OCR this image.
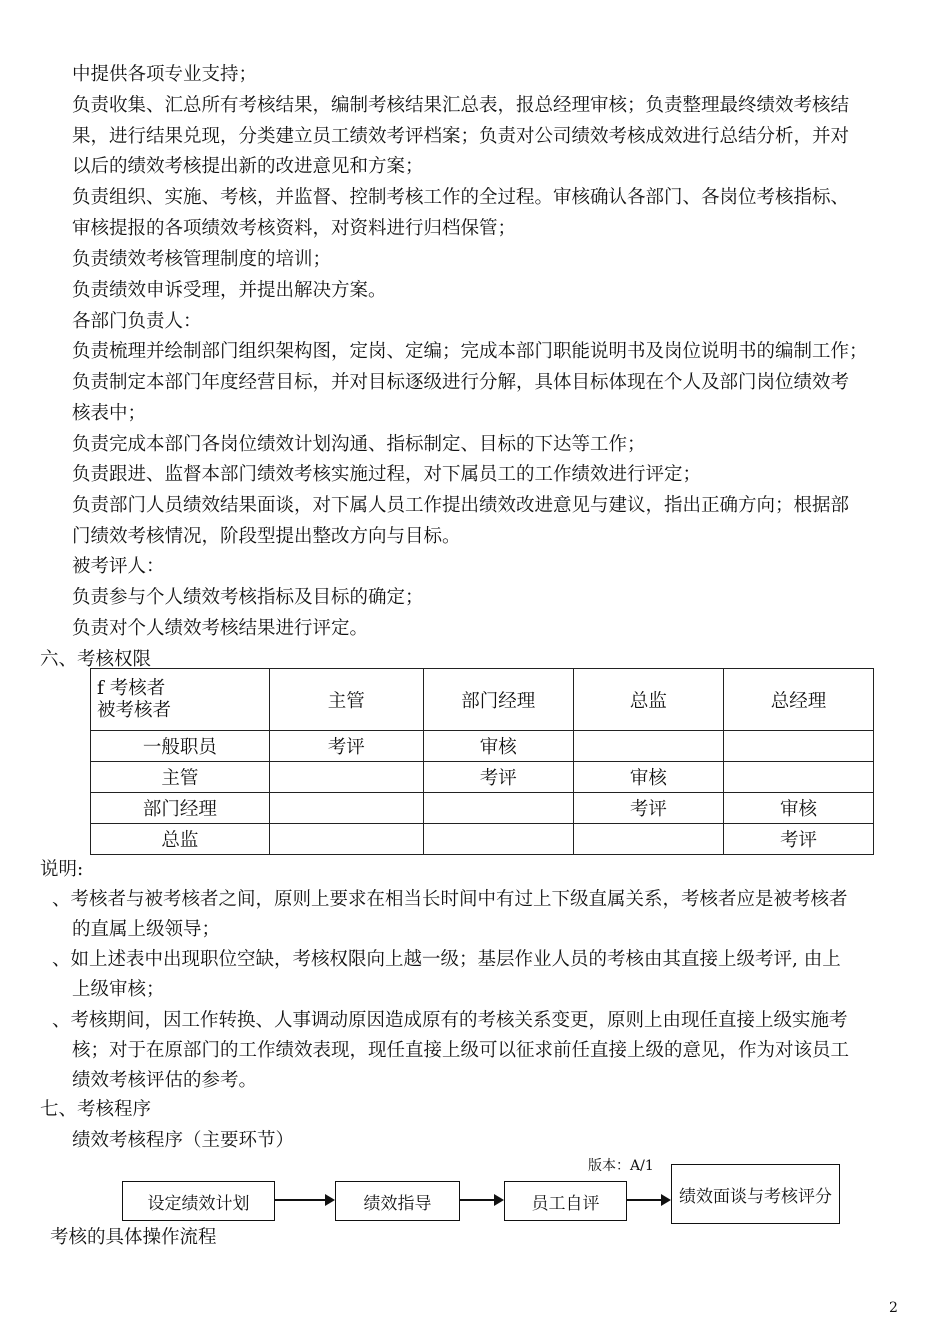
中提供各项专业支持；
负责收集、汇总所有考核结果，编制考核结果汇总表，报总经理审核；负责整理最终绩效考核结
果，进行结果兑现，分类建立员工绩效考评档案；负责对公司绩效考核成效进行总结分析，并对
以后的绩效考核提出新的改进意见和方案；
负责组织、实施、考核，并监督、控制考核工作的全过程。审核确认各部门、各岗位考核指标、
审核提报的各项绩效考核资料，对资料进行归档保管；
负责绩效考核管理制度的培训；
负责绩效申诉受理，并提出解决方案。
各部门负责人：
负责梳理并绘制部门组织架构图，定岗、定编；完成本部门职能说明书及岗位说明书的编制工作；
负责制定本部门年度经营目标，并对目标逐级进行分解，具体目标体现在个人及部门岗位绩效考
核表中；
负责完成本部门各岗位绩效计划沟通、指标制定、目标的下达等工作；
负责跟进、监督本部门绩效考核实施过程，对下属员工的工作绩效进行评定；
负责部门人员绩效结果面谈，对下属人员工作提出绩效改进意见与建议，指出正确方向；根据部
门绩效考核情况，阶段型提出整改方向与目标。
被考评人：
负责参与个人绩效考核指标及目标的确定；
负责对个人绩效考核结果进行评定。
六、考核权限
f 考核者
被考核者	主管	部门经理	总监	总经理
一般职员	考评	审核		
主管		考评	审核	
部门经理			考评	审核
总监				考评
说明:
、考核者与被考核者之间，原则上要求在相当长时间中有过上下级直属关系，考核者应是被考核者
的直属上级领导；
、如上述表中出现职位空缺，考核权限向上越一级；基层作业人员的考核由其直接上级考评, 由上
上级审核；
、考核期间，因工作转换、人事调动原因造成原有的考核关系变更，原则上由现任直接上级实施考
核；对于在原部门的工作绩效表现，现任直接上级可以征求前任直接上级的意见，作为对该员工
绩效考核评估的参考。
七、考核程序
绩效考核程序（主要环节）
版本：A/1
设定绩效计划	绩效指导	员工自评	绩效面谈与考核评分
考核的具体操作流程
2
